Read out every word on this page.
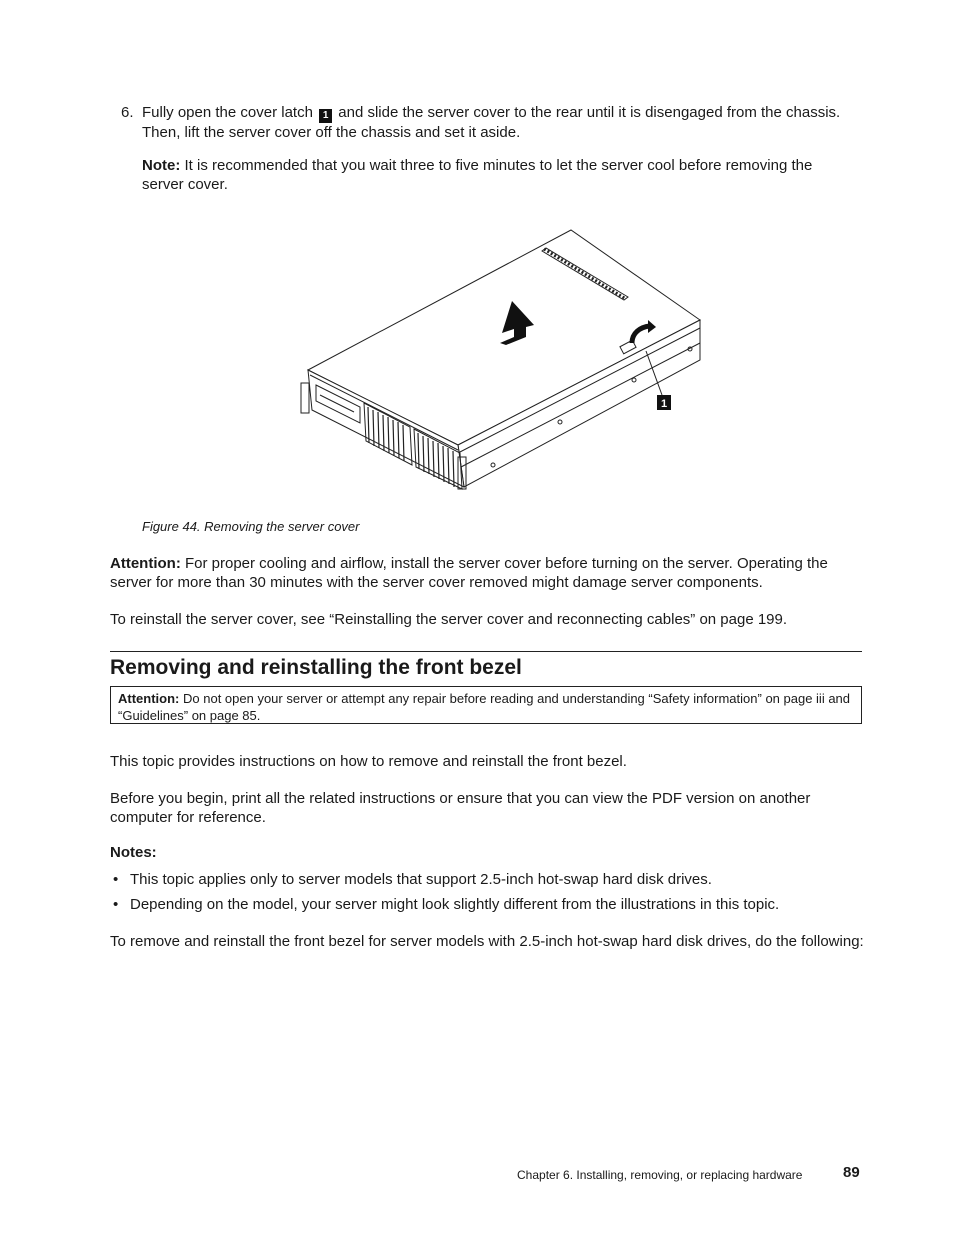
6. Fully open the cover latch 1 and slide the server cover to the rear until it is disengaged from the chassis. Then, lift the server cover off the chassis and set it aside.
Note: It is recommended that you wait three to five minutes to let the server cool before removing the server cover.
1
Figure 44. Removing the server cover
Attention: For proper cooling and airflow, install the server cover before turning on the server. Operating the server for more than 30 minutes with the server cover removed might damage server components.
To reinstall the server cover, see “Reinstalling the server cover and reconnecting cables” on page 199.
Removing and reinstalling the front bezel
Attention: Do not open your server or attempt any repair before reading and understanding “Safety information” on page iii and “Guidelines” on page 85.
This topic provides instructions on how to remove and reinstall the front bezel.
Before you begin, print all the related instructions or ensure that you can view the PDF version on another computer for reference.
Notes:
• This topic applies only to server models that support 2.5-inch hot-swap hard disk drives.
• Depending on the model, your server might look slightly different from the illustrations in this topic.
To remove and reinstall the front bezel for server models with 2.5-inch hot-swap hard disk drives, do the following:
Chapter 6. Installing, removing, or replacing hardware	89
